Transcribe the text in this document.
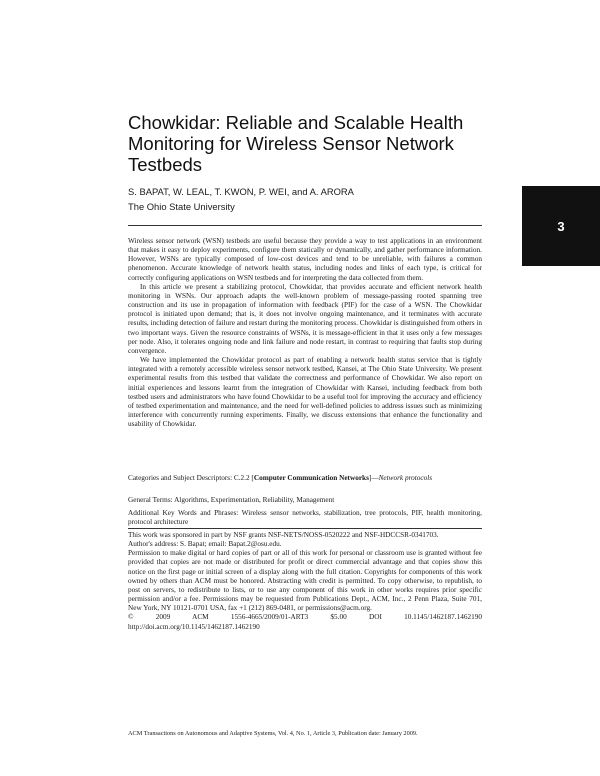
3
Chowkidar: Reliable and Scalable Health Monitoring for Wireless Sensor Network Testbeds
S. BAPAT, W. LEAL, T. KWON, P. WEI, and A. ARORA
The Ohio State University

Wireless sensor network (WSN) testbeds are useful because they provide a way to test applications in an environment that makes it easy to deploy experiments, configure them statically or dynamically, and gather performance information. However, WSNs are typically composed of low-cost devices and tend to be unreliable, with failures a common phenomenon. Accurate knowledge of network health status, including nodes and links of each type, is critical for correctly configuring applications on WSN testbeds and for interpreting the data collected from them.

In this article we present a stabilizing protocol, Chowkidar, that provides accurate and efficient network health monitoring in WSNs. Our approach adapts the well-known problem of message-passing rooted spanning tree construction and its use in propagation of information with feedback (PIF) for the case of a WSN. The Chowkidar protocol is initiated upon demand; that is, it does not involve ongoing maintenance, and it terminates with accurate results, including detection of failure and restart during the monitoring process. Chowkidar is distinguished from others in two important ways. Given the resource constraints of WSNs, it is message-efficient in that it uses only a few messages per node. Also, it tolerates ongoing node and link failure and node restart, in contrast to requiring that faults stop during convergence.

We have implemented the Chowkidar protocol as part of enabling a network health status service that is tightly integrated with a remotely accessible wireless sensor network testbed, Kansei, at The Ohio State University. We present experimental results from this testbed that validate the correctness and performance of Chowkidar. We also report on initial experiences and lessons learnt from the integration of Chowkidar with Kansei, including feedback from both testbed users and administrators who have found Chowkidar to be a useful tool for improving the accuracy and efficiency of testbed experimentation and maintenance, and the need for well-defined policies to address issues such as minimizing interference with concurrently running experiments. Finally, we discuss extensions that enhance the functionality and usability of Chowkidar.

Categories and Subject Descriptors: C.2.2 [Computer Communication Networks]—Network protocols
General Terms: Algorithms, Experimentation, Reliability, Management
Additional Key Words and Phrases: Wireless sensor networks, stabilization, tree protocols, PIF, health monitoring, protocol architecture

This work was sponsored in part by NSF grants NSF-NETS/NOSS-0520222 and NSF-HDCCSR-0341703.

Author's address: S. Bapat; email: Bapat.2@osu.edu.

Permission to make digital or hard copies of part or all of this work for personal or classroom use is granted without fee provided that copies are not made or distributed for profit or direct commercial advantage and that copies show this notice on the first page or initial screen of a display along with the full citation. Copyrights for components of this work owned by others than ACM must be honored. Abstracting with credit is permitted. To copy otherwise, to republish, to post on servers, to redistribute to lists, or to use any component of this work in other works requires prior specific permission and/or a fee. Permissions may be requested from Publications Dept., ACM, Inc., 2 Penn Plaza, Suite 701, New York, NY 10121-0701 USA, fax +1 (212) 869-0481, or permissions@acm.org.

© 2009 ACM 1556-4665/2009/01-ART3 $5.00 DOI 10.1145/1462187.1462190 http://doi.acm.org/10.1145/1462187.1462190

ACM Transactions on Autonomous and Adaptive Systems, Vol. 4, No. 1, Article 3, Publication date: January 2009.
